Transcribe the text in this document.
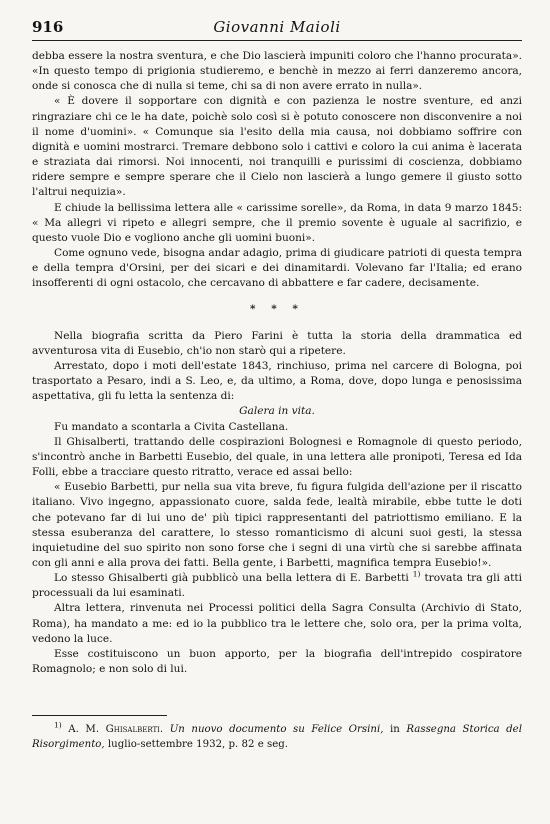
916	Giovanni Maioli

debba essere la nostra sventura, e che Dio lascierà impuniti coloro che l'hanno procurata». «In questo tempo di prigionia studieremo, e benchè in mezzo ai ferri danzeremo ancora, onde si conosca che di nulla si teme, chi sa di non avere errato in nulla».

« È dovere il sopportare con dignità e con pazienza le nostre sventure, ed anzi ringraziare chi ce le ha date, poichè solo così si è potuto conoscere non disconvenire a noi il nome d'uomini». « Comunque sia l'esito della mia causa, noi dobbiamo soffrire con dignità e uomini mostrarci. Tremare debbono solo i cattivi e coloro la cui anima è lacerata e straziata dai rimorsi. Noi innocenti, noi tranquilli e purissimi di coscienza, dobbiamo ridere sempre e sempre sperare che il Cielo non lascierà a lungo gemere il giusto sotto l'altrui nequizia».

E chiude la bellissima lettera alle « carissime sorelle», da Roma, in data 9 marzo 1845: « Ma allegri vi ripeto e allegri sempre, che il premio sovente è uguale al sacrifizio, e questo vuole Dio e vogliono anche gli uomini buoni».

Come ognuno vede, bisogna andar adagio, prima di giudicare patrioti di questa tempra e della tempra d'Orsini, per dei sicari e dei dinamitardi. Volevano far l'Italia; ed erano insofferenti di ogni ostacolo, che cercavano di abbattere e far cadere, decisamente.

* * *

Nella biografia scritta da Piero Farini è tutta la storia della drammatica ed avventurosa vita di Eusebio, ch'io non starò qui a ripetere.

Arrestato, dopo i moti dell'estate 1843, rinchiuso, prima nel carcere di Bologna, poi trasportato a Pesaro, indi a S. Leo, e, da ultimo, a Roma, dove, dopo lunga e penosissima aspettativa, gli fu letta la sentenza di:

Galera in vita.

Fu mandato a scontarla a Civita Castellana.

Il Ghisalberti, trattando delle cospirazioni Bolognesi e Romagnole di questo periodo, s'incontrò anche in Barbetti Eusebio, del quale, in una lettera alle pronipoti, Teresa ed Ida Folli, ebbe a tracciare questo ritratto, verace ed assai bello:

« Eusebio Barbetti, pur nella sua vita breve, fu figura fulgida dell'azione per il riscatto italiano. Vivo ingegno, appassionato cuore, salda fede, lealtà mirabile, ebbe tutte le doti che potevano far di lui uno de' più tipici rappresentanti del patriottismo emiliano. E la stessa esuberanza del carattere, lo stesso romanticismo di alcuni suoi gesti, la stessa inquietudine del suo spirito non sono forse che i segni di una virtù che si sarebbe affinata con gli anni e alla prova dei fatti. Bella gente, i Barbetti, magnifica tempra Eusebio!».

Lo stesso Ghisalberti già pubblicò una bella lettera di E. Barbetti $^{1)}$ trovata tra gli atti processuali da lui esaminati.

Altra lettera, rinvenuta nei Processi politici della Sagra Consulta (Archivio di Stato, Roma), ha mandato a me: ed io la pubblico tra le lettere che, solo ora, per la prima volta, vedono la luce.

Esse costituiscono un buon apporto, per la biografia dell'intrepido cospiratore Romagnolo; e non solo di lui.

$^{1)}$ A. M. Ghisalberti. Un nuovo documento su Felice Orsini, in Rassegna Storica del Risorgimento, luglio-settembre 1932, p. 82 e seg.
